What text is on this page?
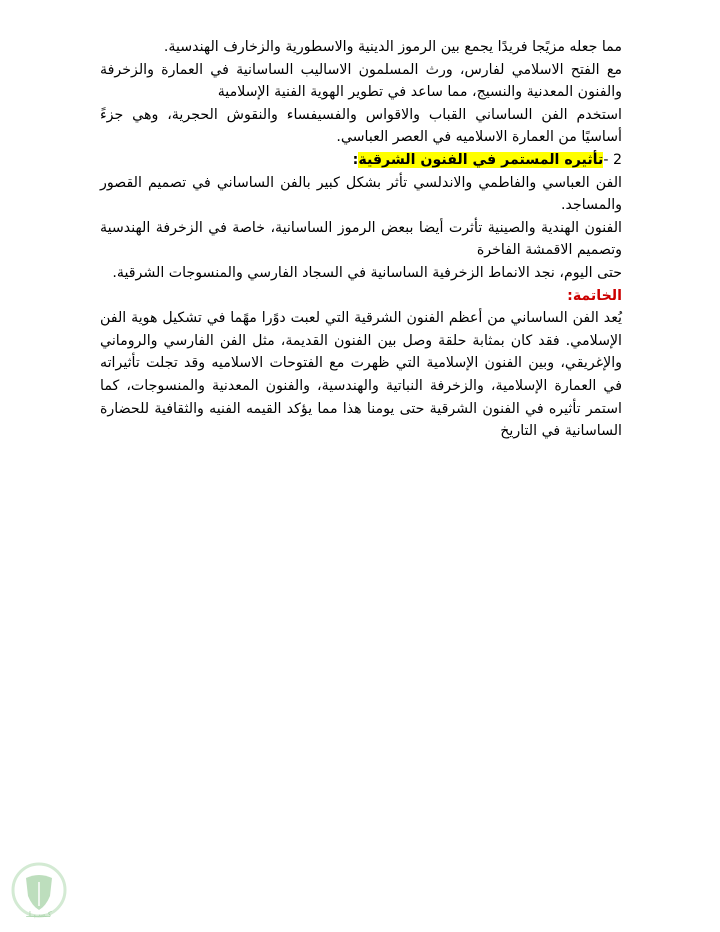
مما جعله مزيًجا فريدًا يجمع بين الرموز الدينية والاسطورية والزخارف الهندسية.

مع الفتح الاسلامي لفارس، ورث المسلمون الاساليب الساسانية في العمارة والزخرفة والفنون المعدنية والنسيج، مما ساعد في تطوير الهوية الفنية الإسلامية

استخدم الفن الساساني القباب والاقواس والفسيفساء والنقوش الحجرية، وهي جزءً أساسيًا من العمارة الاسلاميه في العصر العباسي.

2 -تأثيره المستمر في الفنون الشرقية:

الفن العباسي والفاطمي والاندلسي تأثر بشكل كبير بالفن الساساني في تصميم القصور والمساجد.

الفنون الهندية والصينية تأثرت أيضا ببعض الرموز الساسانية، خاصة في الزخرفة الهندسية وتصميم الاقمشة الفاخرة

حتى اليوم، نجد الانماط الزخرفية الساسانية في السجاد الفارسي والمنسوجات الشرقية.

الخاتمة:

يُعد الفن الساساني من أعظم الفنون الشرقية التي لعبت دوًرا مهًما في تشكيل هوية الفن الإسلامي. فقد كان بمثابة حلقة وصل بين الفنون القديمة، مثل الفن الفارسي والروماني والإغريقي، وبين الفنون الإسلامية التي ظهرت مع الفتوحات الاسلاميه وقد تجلت تأثيراته في العمارة الإسلامية، والزخرفة النباتية والهندسية، والفنون المعدنية والمنسوجات، كما استمر تأثيره في الفنون الشرقية حتى يومنا هذا مما يؤكد القيمه الفنيه والثقافية للحضارة الساسانية في التاريخ

كـسـبـلـ
